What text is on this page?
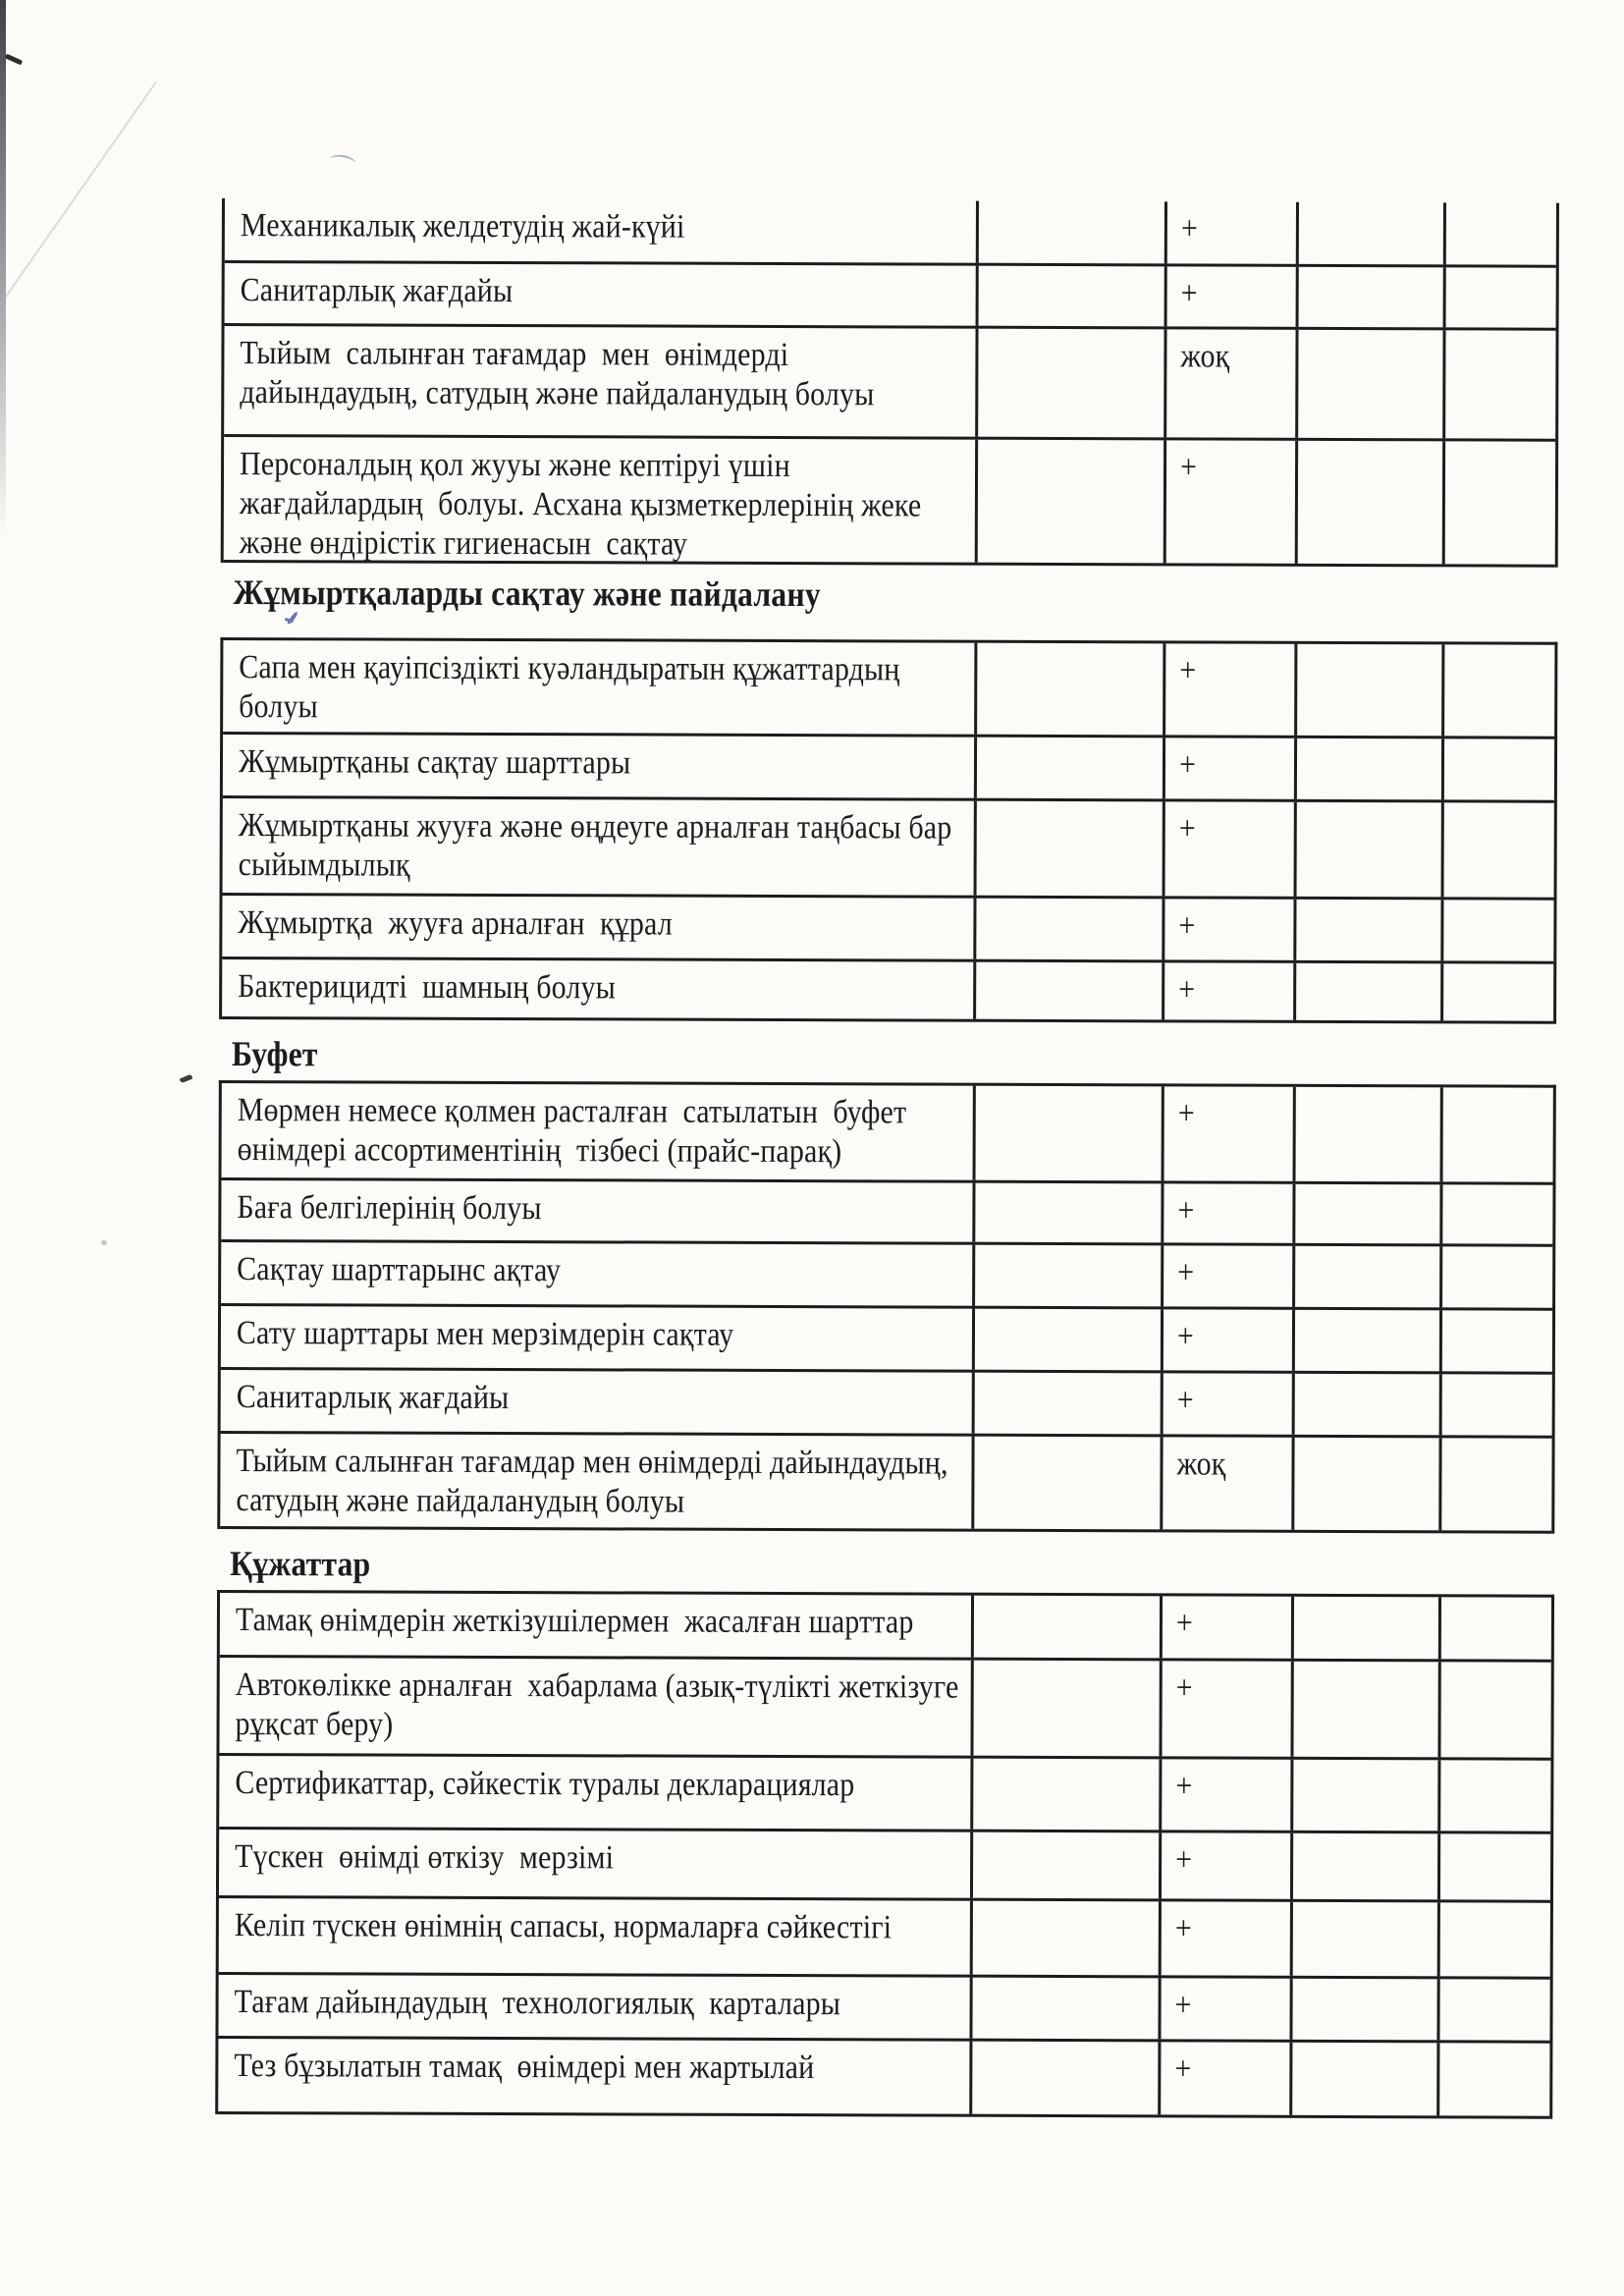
Механикалық желдетудің жай-күйі	+
Санитарлық жағдайы	+
Тыйым  салынған тағамдар  мен  өнімдерді
дайындаудың, сатудың және пайдаланудың болуы
жоқ
Персоналдың қол жууы және кептіруі үшін
жағдайлардың  болуы. Асхана қызметкерлерінің жеке
және өндірістік гигиенасын  сақтау
+
Жұмыртқаларды сақтау және пайдалану
Сапа мен қауіпсіздікті куәландыратын құжаттардың
болуы
+
Жұмыртқаны сақтау шарттары	+
Жұмыртқаны жууға және өңдеуге арналған таңбасы бар
сыйымдылық
+
Жұмыртқа  жууға арналған  құрал	+
Бактерицидті  шамның болуы	+
Буфет
Мөрмен немесе қолмен расталған  сатылатын  буфет
өнімдері ассортиментінің  тізбесі (прайс-парақ)
+
Баға белгілерінің болуы	+
Сақтау шарттарынс ақтау	+
Сату шарттары мен мерзімдерін сақтау	+
Санитарлық жағдайы	+
Тыйым салынған тағамдар мен өнімдерді дайындаудың,
сатудың және пайдаланудың болуы
жоқ
Құжаттар
Тамақ өнімдерін жеткізушілермен  жасалған шарттар	+
Автокөлікке арналған  хабарлама (азық-түлікті жеткізуге
рұқсат беру)
+
Сертификаттар, сәйкестік туралы декларациялар	+
Түскен  өнімді өткізу  мерзімі	+
Келіп түскен өнімнің сапасы, нормаларға сәйкестігі	+
Тағам дайындаудың  технологиялық  карталары	+
Тез бұзылатын тамақ  өнімдері мен жартылай	+
